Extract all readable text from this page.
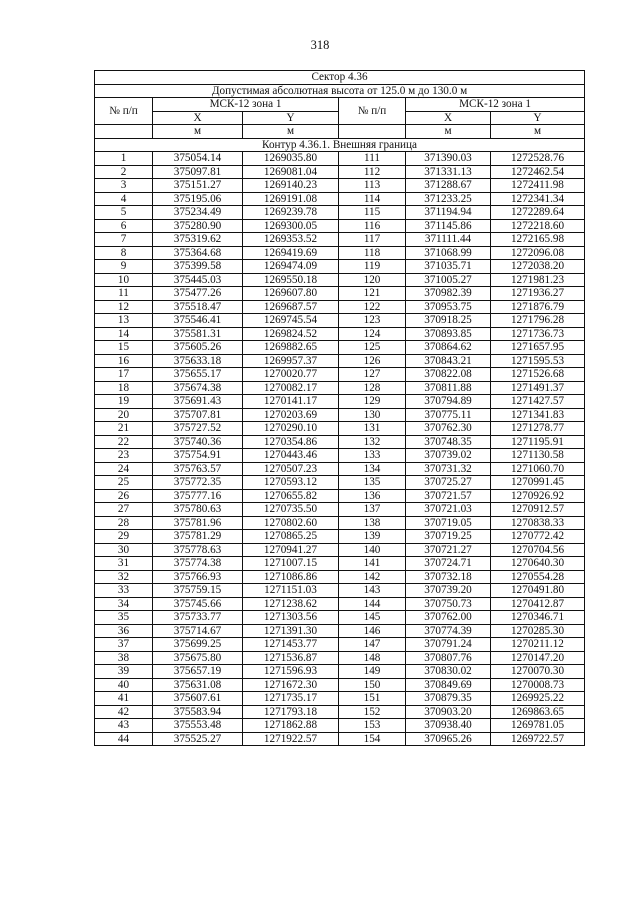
318
Сектор 4.36					
Допустимая абсолютная высота от 125.0 м до 130.0 м					
№ п/п	МСК-12 зона 1		№ п/п	МСК-12 зона 1	
	X	Y		X	Y
	м	м		м	м
Контур 4.36.1. Внешняя граница					
1	375054.14	1269035.80	111	371390.03	1272528.76
2	375097.81	1269081.04	112	371331.13	1272462.54
3	375151.27	1269140.23	113	371288.67	1272411.98
4	375195.06	1269191.08	114	371233.25	1272341.34
5	375234.49	1269239.78	115	371194.94	1272289.64
6	375280.90	1269300.05	116	371145.86	1272218.60
7	375319.62	1269353.52	117	371111.44	1272165.98
8	375364.68	1269419.69	118	371068.99	1272096.08
9	375399.58	1269474.09	119	371035.71	1272038.20
10	375445.03	1269550.18	120	371005.27	1271981.23
11	375477.26	1269607.80	121	370982.39	1271936.27
12	375518.47	1269687.57	122	370953.75	1271876.79
13	375546.41	1269745.54	123	370918.25	1271796.28
14	375581.31	1269824.52	124	370893.85	1271736.73
15	375605.26	1269882.65	125	370864.62	1271657.95
16	375633.18	1269957.37	126	370843.21	1271595.53
17	375655.17	1270020.77	127	370822.08	1271526.68
18	375674.38	1270082.17	128	370811.88	1271491.37
19	375691.43	1270141.17	129	370794.89	1271427.57
20	375707.81	1270203.69	130	370775.11	1271341.83
21	375727.52	1270290.10	131	370762.30	1271278.77
22	375740.36	1270354.86	132	370748.35	1271195.91
23	375754.91	1270443.46	133	370739.02	1271130.58
24	375763.57	1270507.23	134	370731.32	1271060.70
25	375772.35	1270593.12	135	370725.27	1270991.45
26	375777.16	1270655.82	136	370721.57	1270926.92
27	375780.63	1270735.50	137	370721.03	1270912.57
28	375781.96	1270802.60	138	370719.05	1270838.33
29	375781.29	1270865.25	139	370719.25	1270772.42
30	375778.63	1270941.27	140	370721.27	1270704.56
31	375774.38	1271007.15	141	370724.71	1270640.30
32	375766.93	1271086.86	142	370732.18	1270554.28
33	375759.15	1271151.03	143	370739.20	1270491.80
34	375745.66	1271238.62	144	370750.73	1270412.87
35	375733.77	1271303.56	145	370762.00	1270346.71
36	375714.67	1271391.30	146	370774.39	1270285.30
37	375699.25	1271453.77	147	370791.24	1270211.12
38	375675.80	1271536.87	148	370807.76	1270147.20
39	375657.19	1271596.93	149	370830.02	1270070.30
40	375631.08	1271672.30	150	370849.69	1270008.73
41	375607.61	1271735.17	151	370879.35	1269925.22
42	375583.94	1271793.18	152	370903.20	1269863.65
43	375553.48	1271862.88	153	370938.40	1269781.05
44	375525.27	1271922.57	154	370965.26	1269722.57
